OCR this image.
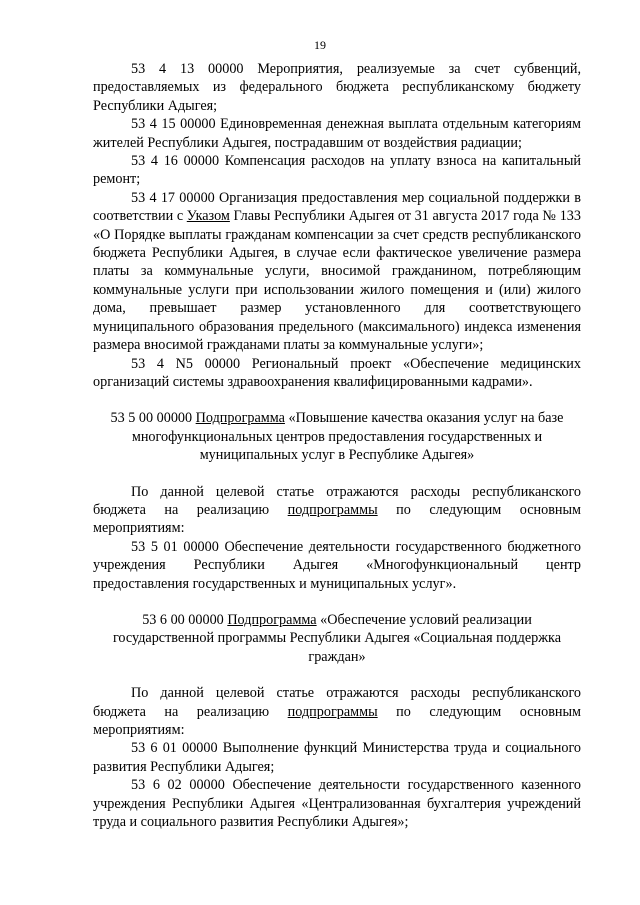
19

53 4 13 00000 Мероприятия, реализуемые за счет субвенций, предоставляемых из федерального бюджета республиканскому бюджету Республики Адыгея;

53 4 15 00000 Единовременная денежная выплата отдельным категориям жителей Республики Адыгея, пострадавшим от воздействия радиации;

53 4 16 00000 Компенсация расходов на уплату взноса на капитальный ремонт;

53 4 17 00000 Организация предоставления мер социальной поддержки в соответствии с Указом Главы Республики Адыгея от 31 августа 2017 года № 133 «О Порядке выплаты гражданам компенсации за счет средств республиканского бюджета Республики Адыгея, в случае если фактическое увеличение размера платы за коммунальные услуги, вносимой гражданином, потребляющим коммунальные услуги при использовании жилого помещения и (или) жилого дома, превышает размер установленного для соответствующего муниципального образования предельного (максимального) индекса изменения размера вносимой гражданами платы за коммунальные услуги»;

53 4 N5 00000 Региональный проект «Обеспечение медицинских организаций системы здравоохранения квалифицированными кадрами».

53 5 00 00000 Подпрограмма «Повышение качества оказания услуг на базе многофункциональных центров предоставления государственных и муниципальных услуг в Республике Адыгея»

По данной целевой статье отражаются расходы республиканского бюджета на реализацию подпрограммы по следующим основным мероприятиям:

53 5 01 00000 Обеспечение деятельности государственного бюджетного учреждения Республики Адыгея «Многофункциональный центр предоставления государственных и муниципальных услуг».

53 6 00 00000 Подпрограмма «Обеспечение условий реализации государственной программы Республики Адыгея «Социальная поддержка граждан»

По данной целевой статье отражаются расходы республиканского бюджета на реализацию подпрограммы по следующим основным мероприятиям:

53 6 01 00000 Выполнение функций Министерства труда и социального развития Республики Адыгея;

53 6 02 00000 Обеспечение деятельности государственного казенного учреждения Республики Адыгея «Централизованная бухгалтерия учреждений труда и социального развития Республики Адыгея»;
